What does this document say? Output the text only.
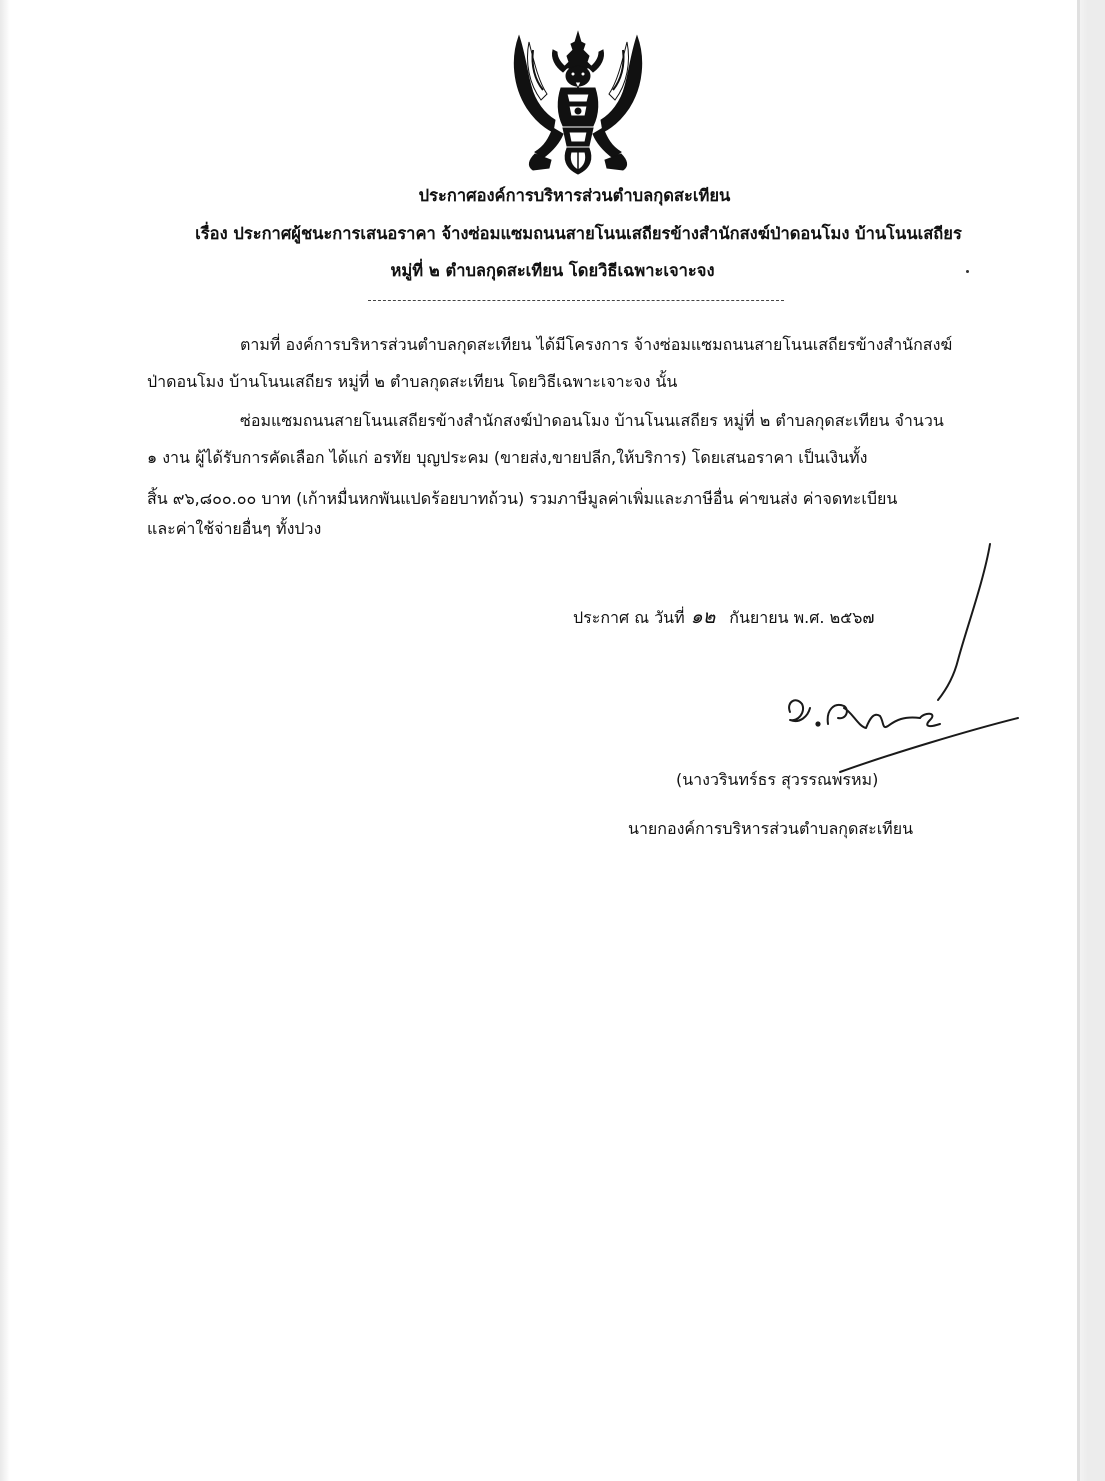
ประกาศองค์การบริหารส่วนตำบลกุดสะเทียน
เรื่อง ประกาศผู้ชนะการเสนอราคา จ้างซ่อมแซมถนนสายโนนเสถียรข้างสำนักสงฆ์ป่าดอนโมง บ้านโนนเสถียร
หมู่ที่ ๒ ตำบลกุดสะเทียน โดยวิธีเฉพาะเจาะจง
ตามที่ องค์การบริหารส่วนตำบลกุดสะเทียน ได้มีโครงการ จ้างซ่อมแซมถนนสายโนนเสถียรข้างสำนักสงฆ์
ป่าดอนโมง บ้านโนนเสถียร หมู่ที่ ๒ ตำบลกุดสะเทียน โดยวิธีเฉพาะเจาะจง นั้น
ซ่อมแซมถนนสายโนนเสถียรข้างสำนักสงฆ์ป่าดอนโมง บ้านโนนเสถียร หมู่ที่ ๒ ตำบลกุดสะเทียน จำนวน
๑ งาน ผู้ได้รับการคัดเลือก ได้แก่ อรทัย บุญประคม (ขายส่ง,ขายปลีก,ให้บริการ) โดยเสนอราคา เป็นเงินทั้ง
สิ้น ๙๖,๘๐๐.๐๐ บาท (เก้าหมื่นหกพันแปดร้อยบาทถ้วน) รวมภาษีมูลค่าเพิ่มและภาษีอื่น ค่าขนส่ง ค่าจดทะเบียน
และค่าใช้จ่ายอื่นๆ ทั้งปวง
ประกาศ ณ วันที่ ๑๒ กันยายน พ.ศ. ๒๕๖๗
(นางวรินทร์ธร สุวรรณพรหม)
นายกองค์การบริหารส่วนตำบลกุดสะเทียน
